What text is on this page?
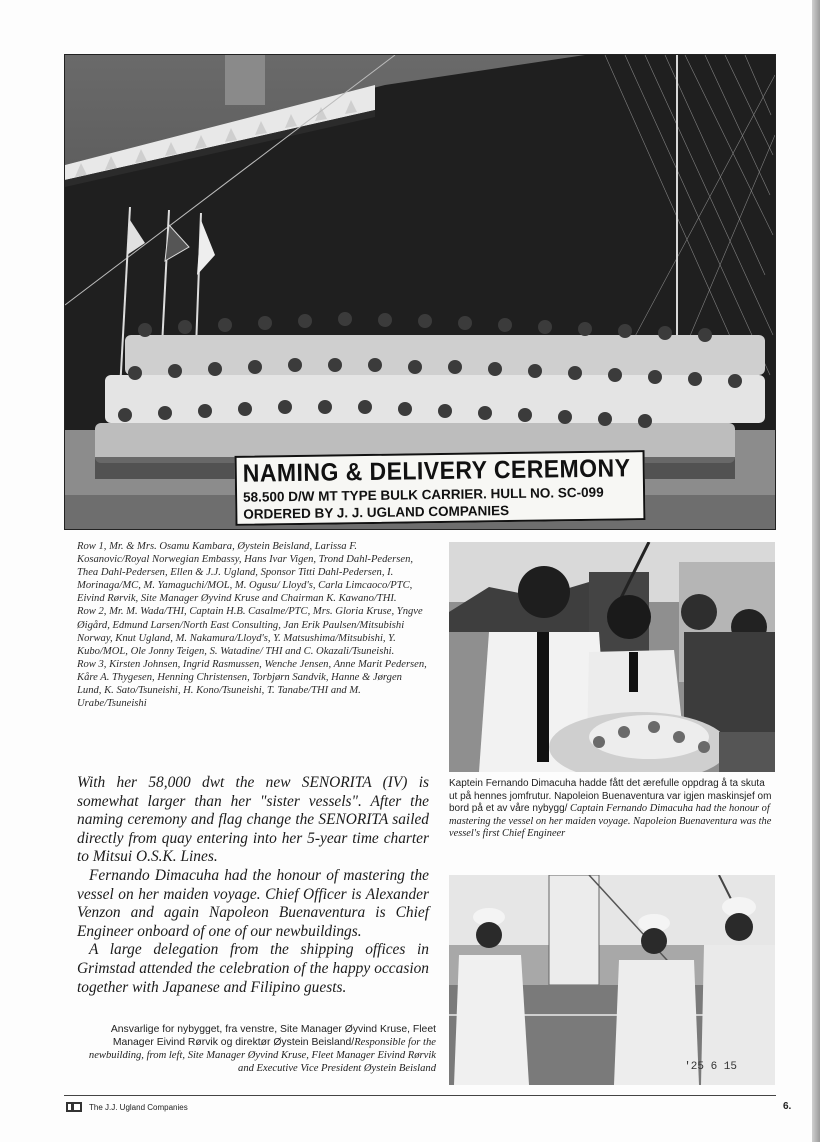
NAMING & DELIVERY CEREMONY
58.500 D/W MT TYPE BULK CARRIER. HULL NO. SC-099
ORDERED BY J. J. UGLAND COMPANIES

Row 1, Mr. & Mrs. Osamu Kambara, Øystein Beisland, Larissa F. Kosanovic/Royal Norwegian Embassy, Hans Ivar Vigen, Trond Dahl-Pedersen, Thea Dahl-Pedersen, Ellen & J.J. Ugland, Sponsor Titti Dahl-Pedersen, I. Morinaga/MC, M. Yamaguchi/MOL, M. Ogusu/ Lloyd's, Carla Limcaoco/PTC, Eivind Rørvik, Site Manager Øyvind Kruse and Chairman K. Kawano/THI.

Row 2, Mr. M. Wada/THI, Captain H.B. Casalme/PTC, Mrs. Gloria Kruse, Yngve Øigård, Edmund Larsen/North East Consulting, Jan Erik Paulsen/Mitsubishi Norway, Knut Ugland, M. Nakamura/Lloyd's, Y. Matsushima/Mitsubishi, Y. Kubo/MOL, Ole Jonny Teigen, S. Watadine/ THI and C. Okazali/Tsuneishi.

Row 3, Kirsten Johnsen, Ingrid Rasmussen, Wenche Jensen, Anne Marit Pedersen, Kåre A. Thygesen, Henning Christensen, Torbjørn Sandvik, Hanne & Jørgen Lund, K. Sato/Tsuneishi, H. Kono/Tsuneishi, T. Tanabe/THI and M. Urabe/Tsuneishi

Kaptein Fernando Dimacuha hadde fått det ærefulle oppdrag å ta skuta ut på hennes jomfrutur. Napoleion Buenaventura var igjen maskinsjef om bord på et av våre nybygg/ Captain Fernando Dimacuha had the honour of mastering the vessel on her maiden voyage. Napoleion Buenaventura was the vessel's first Chief Engineer

With her 58,000 dwt the new SENORITA (IV) is somewhat larger than her "sister vessels". After the naming ceremony and flag change the SENORITA sailed directly from quay entering into her 5-year time charter to Mitsui O.S.K. Lines.

Fernando Dimacuha had the honour of mastering the vessel on her maiden voyage. Chief Officer is Alexander Venzon and again Napoleon Buenaventura is Chief Engineer onboard of one of our newbuildings.

A large delegation from the shipping offices in Grimstad attended the celebration of the happy occasion together with Japanese and Filipino guests.

'25 6 15
Ansvarlige for nybygget, fra venstre, Site Manager Øyvind Kruse, Fleet Manager Eivind Rørvik og direktør Øystein Beisland/Responsible for the newbuilding, from left, Site Manager Øyvind Kruse, Fleet Manager Eivind Rørvik and Executive Vice President Øystein Beisland
The J.J. Ugland Companies	6.
